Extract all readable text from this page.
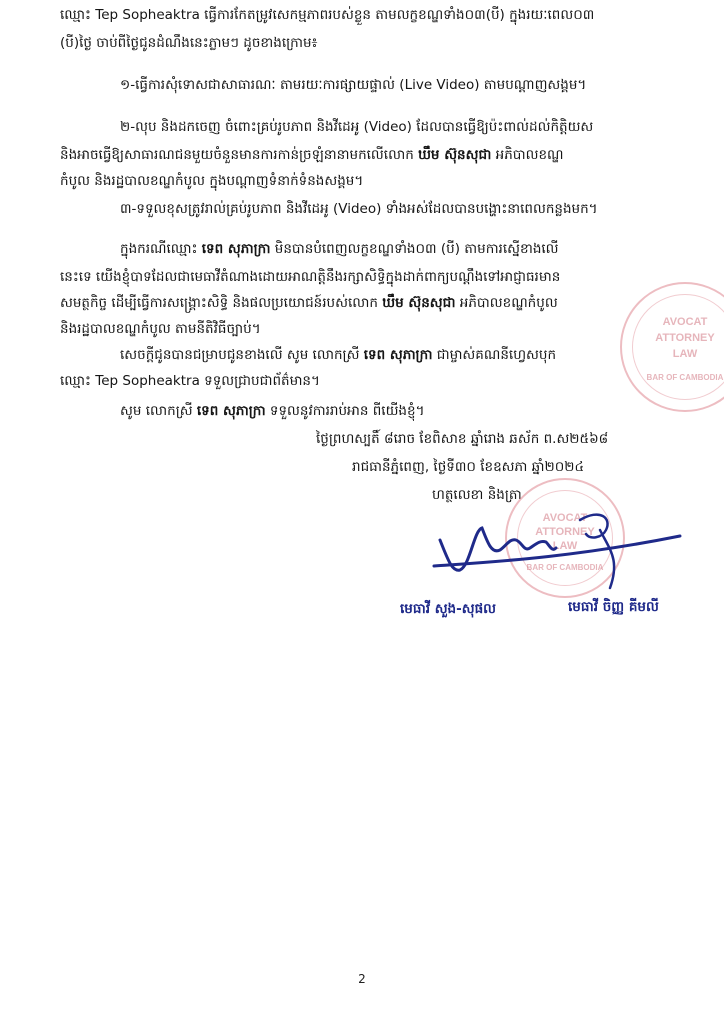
ឈ្មោះ Tep Sopheaktra ធ្វើការកែតម្រូវសេកម្មភាពរបស់ខ្លួន តាមលក្ខខណ្ឌទាំង០៣(បី) ក្នុងរយៈពេល០៣
(បី)ថ្ងៃ ចាប់ពីថ្ងៃជូនដំណឹងនេះភ្លាមៗ ដូចខាងក្រោម៖
១-ធ្វើការសុំទោសជាសាធារណៈ តាមរយៈការផ្សាយផ្ទាល់ (Live Video) តាមបណ្តាញសង្គម។
២-លុប និងដកចេញ ចំពោះគ្រប់រូបភាព និងវីដេអូ (Video) ដែលបានធ្វើឱ្យប៉ះពាល់ដល់កិត្តិយស
និងអាចធ្វើឱ្យសាធារណជនមួយចំនួនមានការកាន់ច្រឡំនានាមកលើលោក ឃឹម ស៊ុនសុជា អភិបាលខណ្ឌ
កំបូល និងរដ្ឋបាលខណ្ឌកំបូល ក្នុងបណ្តាញទំនាក់ទំនងសង្គម។
៣-ទទួលខុសត្រូវរាល់គ្រប់រូបភាព និងវីដេអូ (Video) ទាំងអស់ដែលបានបង្ហោះនាពេលកន្លងមក។
ក្នុងករណីឈ្មោះ ទេព សុភាក្រា មិនបានបំពេញលក្ខខណ្ឌទាំង០៣ (បី) តាមការស្នើខាងលើ
នេះទេ យើងខ្ញុំបាទដែលជាមេធាវីតំណាងដោយអាណត្តិនឹងរក្សាសិទ្ធិក្នុងដាក់ពាក្យបណ្តឹងទៅអាជ្ញាធរមាន
សមត្ថកិច្ច ដើម្បីធ្វើការសង្គ្រោះសិទ្ធិ និងផលប្រយោជន៍របស់លោក ឃឹម ស៊ុនសុជា អភិបាលខណ្ឌកំបូល
និងរដ្ឋបាលខណ្ឌកំបូល តាមនីតិវិធីច្បាប់។
សេចក្តីជូនបានជម្រាបជូនខាងលើ សូម លោកស្រី ទេព សុភាក្រា ជាម្ចាស់គណនីហ្វេសបុក
ឈ្មោះ Tep Sopheaktra ទទួលជ្រាបជាព័ត៌មាន។
សូម លោកស្រី ទេព សុភាក្រា ទទួលនូវការរាប់អាន ពីយើងខ្ញុំ។
ថ្ងៃព្រហស្បតិ៍ ៨រោច ខែពិសាខ ឆ្នាំរោង ឆស័ក ព.ស២៥៦៨
រាជធានីភ្នំពេញ, ថ្ងៃទី៣០ ខែឧសភា ឆ្នាំ២០២៤
ហត្ថលេខា និងត្រា
AVOCAT
ATTORNEY
LAW
BAR OF CAMBODIA
AVOCAT
ATTORNEY
LAW
BAR OF CAMBODIA
មេធាវី សួង-សុផល	មេធាវី ចិញ្ញ គីមលី
2
